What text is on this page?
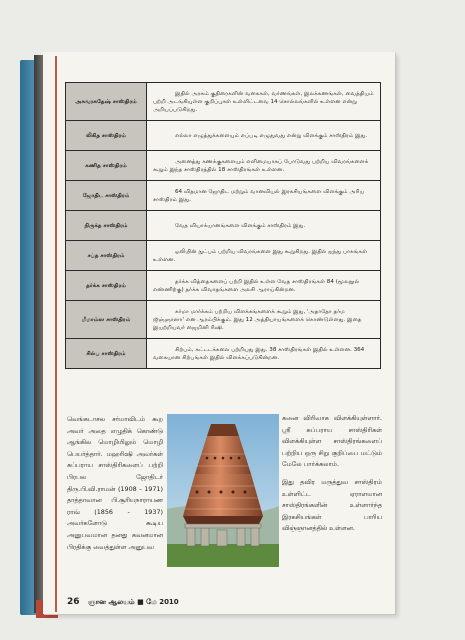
அசுவரசுதேஷ் சாஸ்திரம்	இதில் அரசும் குதிரைகளின் வகைகள், வர்ணங்கள், இலக்கணங்கள், வைத்தியம் பற்றி அடங்கியுள்ள குறிப்புகள் உள்ளிட்டவை 14 சொல்லங்களில் உள்ளன என்று அறியப்படுகிறது.
லிகித சாஸ்திரம்	எல்லா எழுத்துக்களையும் எப்படி எழுதுவது என்று விளக்கும் சாஸ்திரம் இது.
கணித சாஸ்திரம்	அனைத்து கணக்குகளையும் எளிமையாகப் போடுவது பற்றிய விவரங்களைக் கூறும் இந்த சாஸ்திரத்தில் 18 சாஸ்திரங்கள் உள்ளன.
ஜோதிட சாஸ்திரம்	64 விதமான ஜோதிட மற்றும் வானவியல் இரகசியங்களை விளக்கும் அரிய சாஸ்திரம் இது.
நிருக்த சாஸ்திரம்	வேத வியாக்யானங்களை விளக்கும் சாஸ்திரம் இது.
சப்த சாஸ்திரம்	ஒலியின் நுட்பம் பற்றிய விவரங்களை இது கூறுகிறது. இதில் ஐந்து பாகங்கள் உள்ளன.
தர்க்க சாஸ்திரம்	தர்க்க வித்தைகளைப் பற்றி இதில் உள்ள வேத சாஸ்திரங்கள் 84 (மூலநூல் எண்ணிற்கு) தர்க்க விவாதங்களை அலசி ஆராய்கின்றன.
மீமாம்ஸ சாஸ்திரம்	கர்மா மார்க்கம் பற்றிய விளக்கங்களைக் கூறும் இது, 'அதாதோ தர்ம ஜிஞ்ஞாஸா' என ஆரம்பிக்கும். இது 12 அத்தியாயங்களைக் கொண்டுள்ளது. இதை இயற்றியவர் ஜைமினி ரிஷி.
சில்ப சாஸ்திரம்	சிற்பம், கட்டடக்கலை பற்றியது இது. 38 சாஸ்திரங்கள் இதில் உள்ளன. 364 வகையான சிற்பங்கள் இதில் விளக்கப்படுகின்றன.
வெங்கடாசல சர்மாவிடம் கூற அவர் அதை எழுதிக் கொண்டு ஆங்கில மொழியிலும் மொழி பெயர்த்தார். மஹரிஷி அவர்கள் சுப்பராய சாஸ்திரிகளைப் பற்றி பிரபல ஜோதிடர் திரு.பி.வி.ராமன் (1908 - 1971) தாத்தாவான பி.சூரியநாராயண ராவ் (1856 - 1937) அவர்களோடு கூடிய அனுபவமான தனது கவனமான பிரதிக்கு வைத்துள்ள அனுபவ

கனை விரிவாக விளக்கியுள்ளார். ஸ்ரீ சுப்பராய சாஸ்திரிகள் விளக்கியுள்ள சாஸ்திரங்களைப் பற்றிய ஒரு சிறு குறிப்பை மட்டும் மேலே பார்க்கலாம்.

இது தவிர மருத்துவ சாஸ்திரம் உள்ளிட்ட ஏராளமான சாஸ்திரங்களின் உள்ளார்ந்த இரகசியங்கள் பாரிய விஞ்ஞானத்தில் உள்ளன.

26 ஞான ஆலயம் ■ மே 2010
